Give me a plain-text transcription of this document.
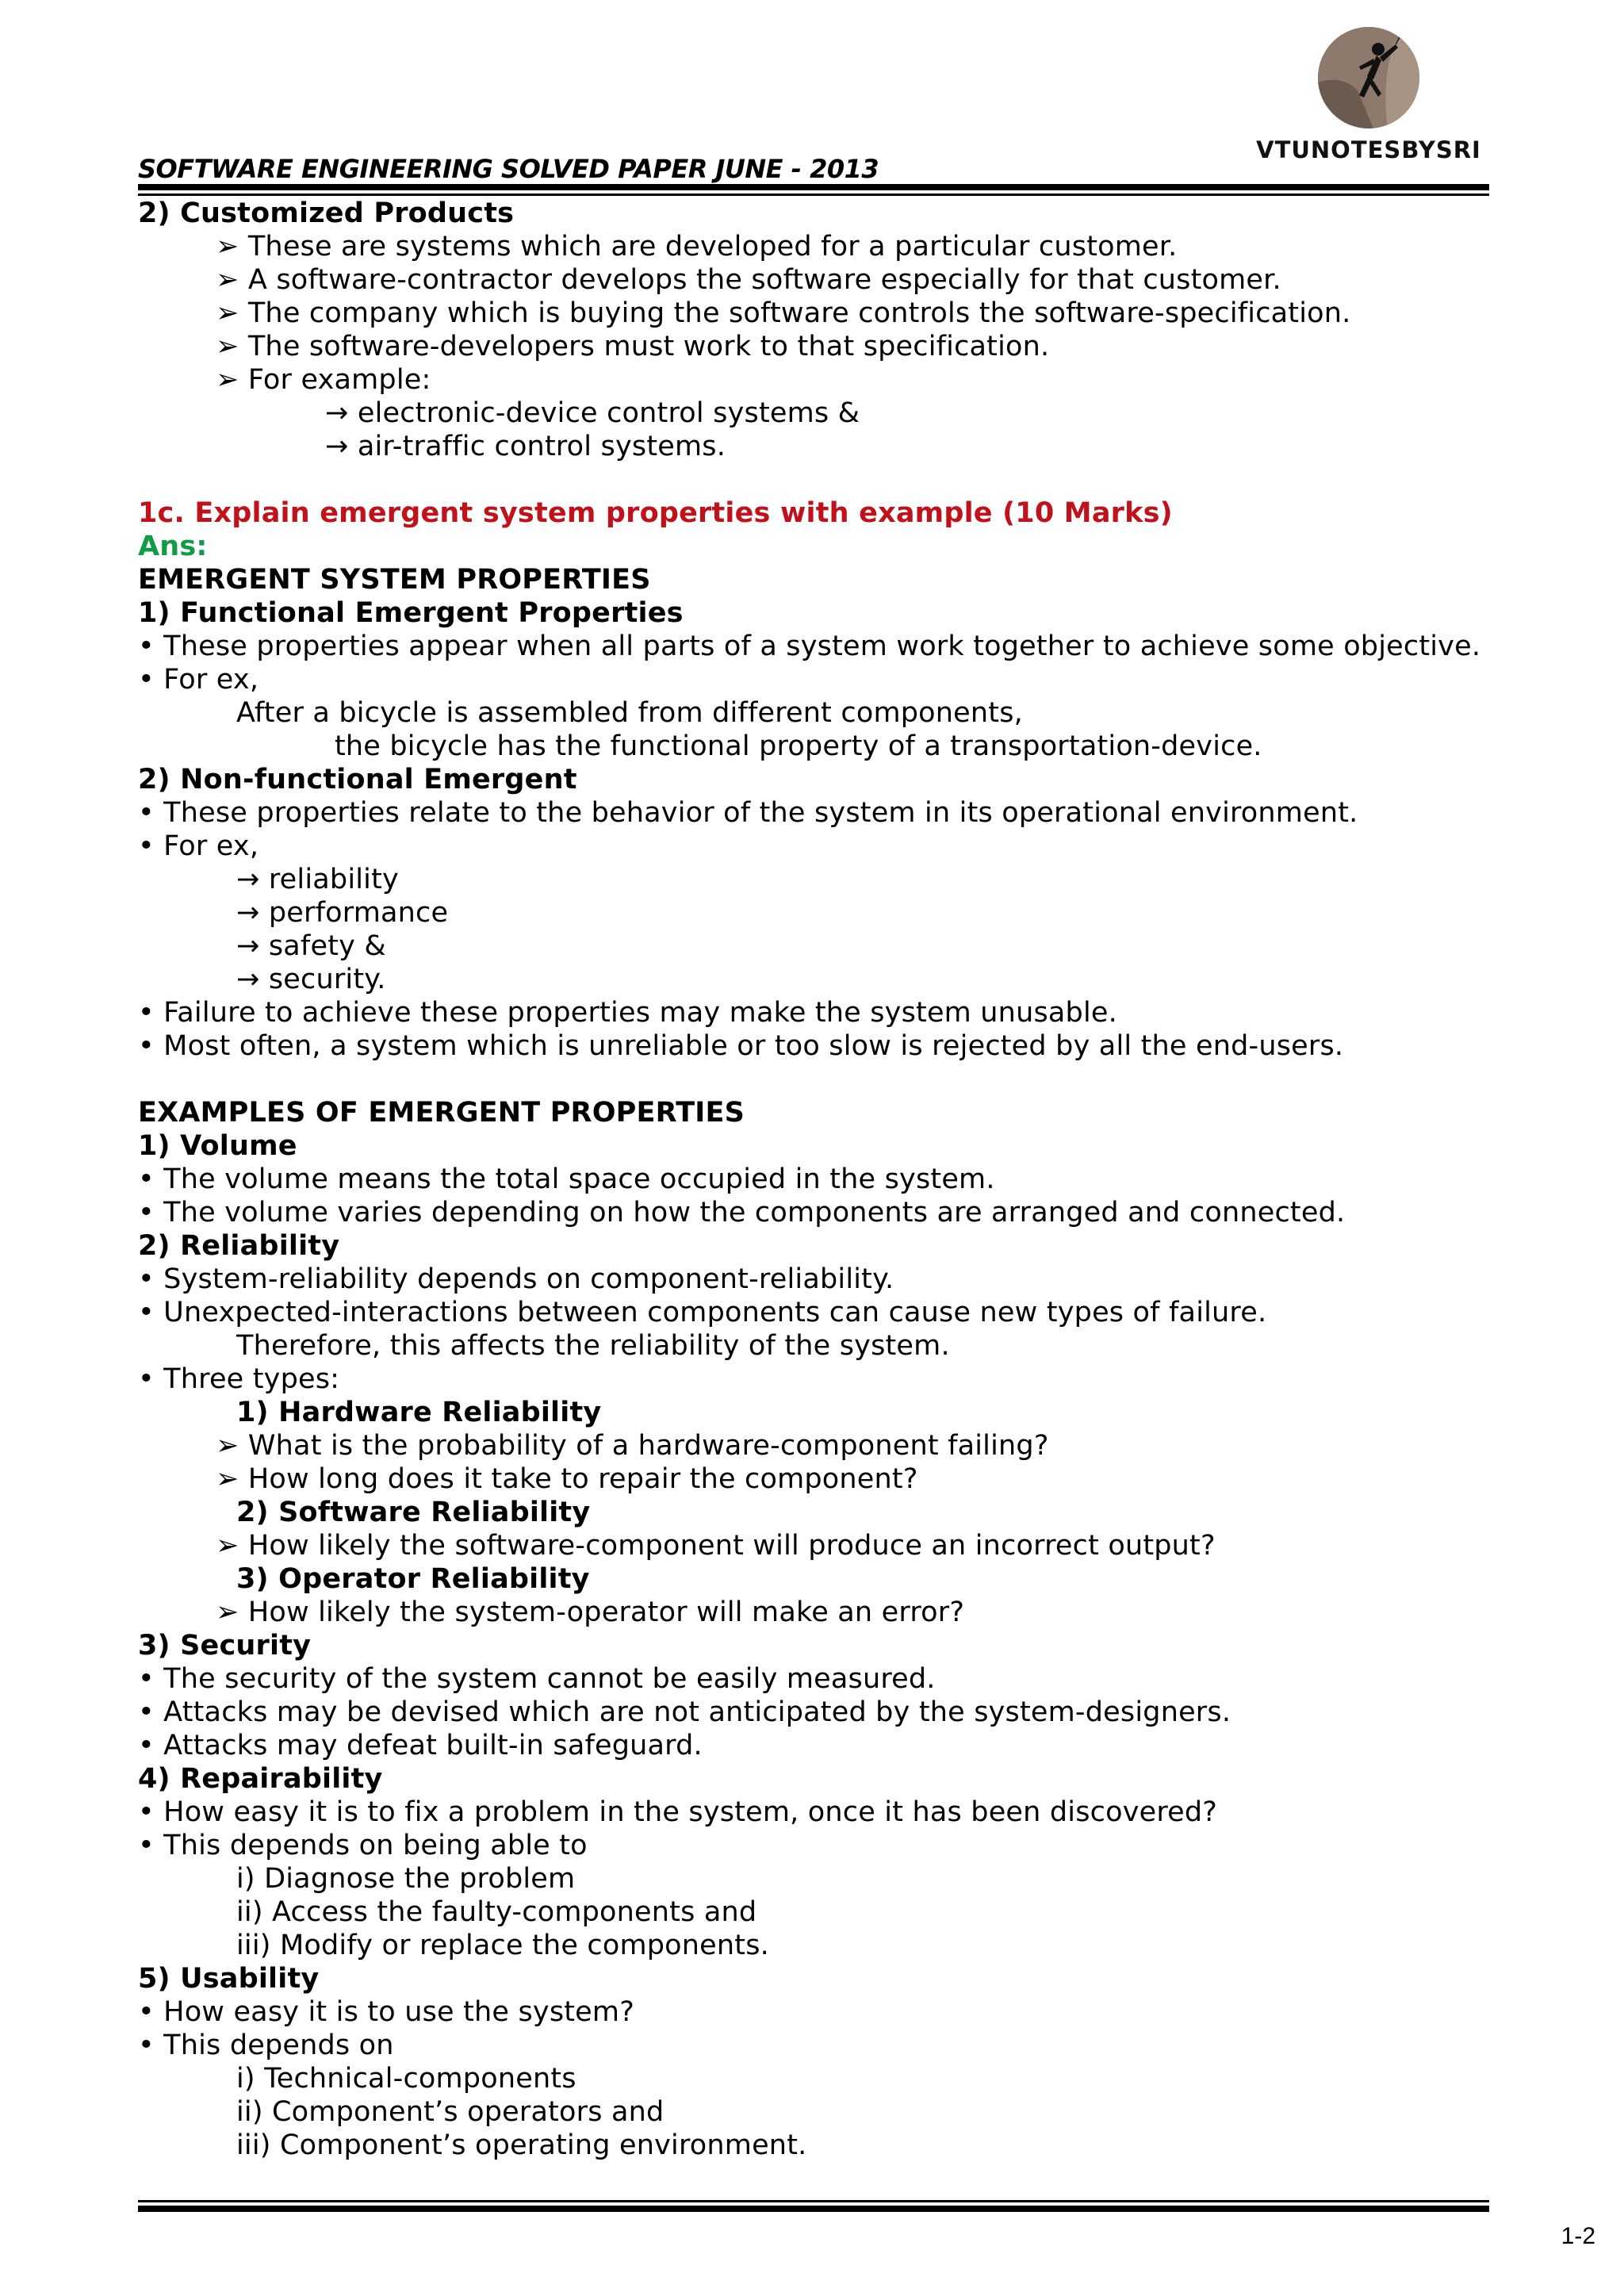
VTUNOTESBYSRI
SOFTWARE ENGINEERING SOLVED PAPER JUNE - 2013
2) Customized Products
➢ These are systems which are developed for a particular customer.
➢ A software-contractor develops the software especially for that customer.
➢ The company which is buying the software controls the software-specification.
➢ The software-developers must work to that specification.
➢ For example:
→ electronic-device control systems &
→ air-traffic control systems.
1c. Explain emergent system properties with example (10 Marks)
Ans:
EMERGENT SYSTEM PROPERTIES
1) Functional Emergent Properties
• These properties appear when all parts of a system work together to achieve some objective.
• For ex,
After a bicycle is assembled from different components,
the bicycle has the functional property of a transportation-device.
2) Non-functional Emergent
• These properties relate to the behavior of the system in its operational environment.
• For ex,
→ reliability
→ performance
→ safety &
→ security.
• Failure to achieve these properties may make the system unusable.
• Most often, a system which is unreliable or too slow is rejected by all the end-users.
EXAMPLES OF EMERGENT PROPERTIES
1) Volume
• The volume means the total space occupied in the system.
• The volume varies depending on how the components are arranged and connected.
2) Reliability
• System-reliability depends on component-reliability.
• Unexpected-interactions between components can cause new types of failure.
Therefore, this affects the reliability of the system.
• Three types:
1) Hardware Reliability
➢ What is the probability of a hardware-component failing?
➢ How long does it take to repair the component?
2) Software Reliability
➢ How likely the software-component will produce an incorrect output?
3) Operator Reliability
➢ How likely the system-operator will make an error?
3) Security
• The security of the system cannot be easily measured.
• Attacks may be devised which are not anticipated by the system-designers.
• Attacks may defeat built-in safeguard.
4) Repairability
• How easy it is to fix a problem in the system, once it has been discovered?
• This depends on being able to
i) Diagnose the problem
ii) Access the faulty-components and
iii) Modify or replace the components.
5) Usability
• How easy it is to use the system?
• This depends on
i) Technical-components
ii) Component’s operators and
iii) Component’s operating environment.
1-2
